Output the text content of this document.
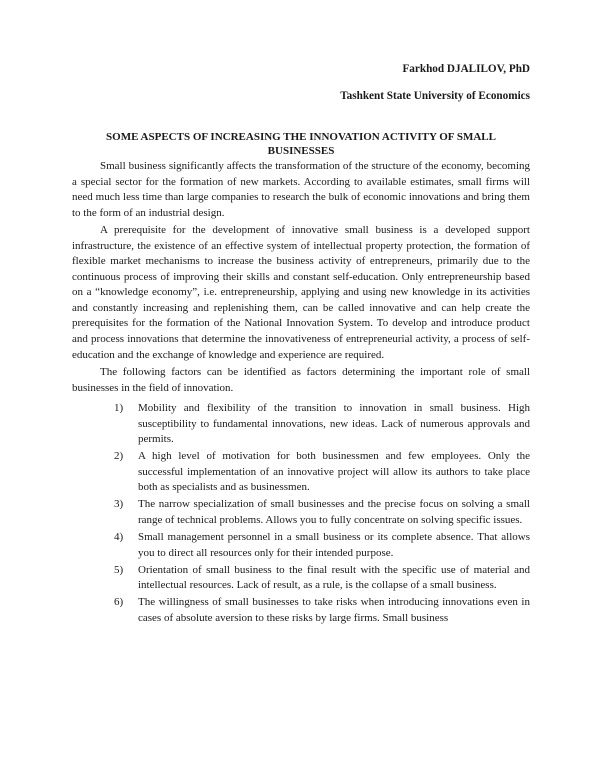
Farkhod DJALILOV, PhD

Tashkent State University of Economics

SOME ASPECTS OF INCREASING THE INNOVATION ACTIVITY OF SMALL BUSINESSES

Small business significantly affects the transformation of the structure of the economy, becoming a special sector for the formation of new markets. According to available estimates, small firms will need much less time than large companies to research the bulk of economic innovations and bring them to the form of an industrial design.

A prerequisite for the development of innovative small business is a developed support infrastructure, the existence of an effective system of intellectual property protection, the formation of flexible market mechanisms to increase the business activity of entrepreneurs, primarily due to the continuous process of improving their skills and constant self-education. Only entrepreneurship based on a “knowledge economy”, i.e. entrepreneurship, applying and using new knowledge in its activities and constantly increasing and replenishing them, can be called innovative and can help create the prerequisites for the formation of the National Innovation System. To develop and introduce product and process innovations that determine the innovativeness of entrepreneurial activity, a process of self-education and the exchange of knowledge and experience are required.

The following factors can be identified as factors determining the important role of small businesses in the field of innovation.

1)	Mobility and flexibility of the transition to innovation in small business. High susceptibility to fundamental innovations, new ideas. Lack of numerous approvals and permits.
2)	A high level of motivation for both businessmen and few employees. Only the successful implementation of an innovative project will allow its authors to take place both as specialists and as businessmen.
3)	The narrow specialization of small businesses and the precise focus on solving a small range of technical problems. Allows you to fully concentrate on solving specific issues.
4)	Small management personnel in a small business or its complete absence. That allows you to direct all resources only for their intended purpose.
5)	Orientation of small business to the final result with the specific use of material and intellectual resources. Lack of result, as a rule, is the collapse of a small business.
6)	The willingness of small businesses to take risks when introducing innovations even in cases of absolute aversion to these risks by large firms. Small business
